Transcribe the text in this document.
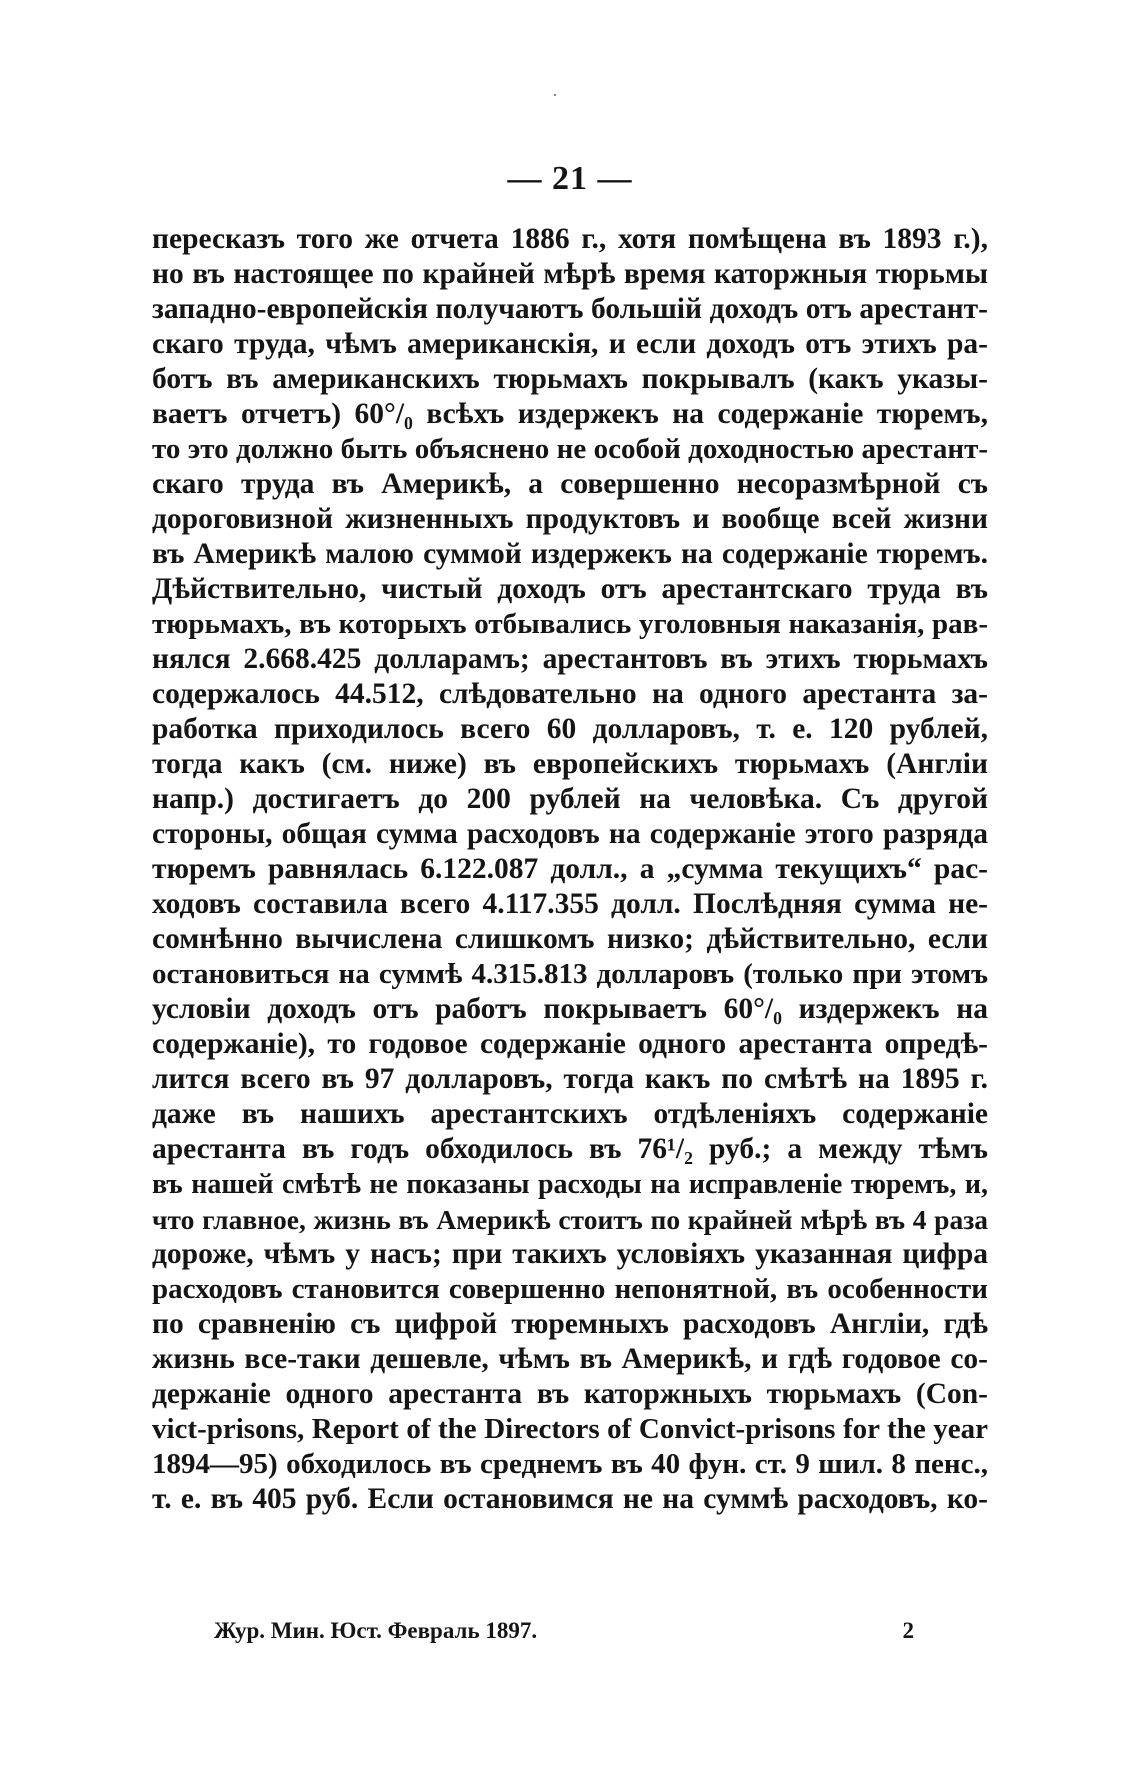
— 21 —
пересказъ того же отчета 1886 г., хотя помѣщена въ 1893 г.),
но въ настоящее по крайней мѣрѣ время каторжныя тюрьмы
западно-европейскія получаютъ большій доходъ отъ арестант-
скаго труда, чѣмъ американскія, и если доходъ отъ этихъ ра-
ботъ въ американскихъ тюрьмахъ покрывалъ (какъ указы-
ваетъ отчетъ) 60°/₀ всѣхъ издержекъ на содержаніе тюремъ,
то это должно быть объяснено не особой доходностью арестант-
скаго труда въ Америкѣ, а совершенно несоразмѣрной съ
дороговизной жизненныхъ продуктовъ и вообще всей жизни
въ Америкѣ малою суммой издержекъ на содержаніе тюремъ.
Дѣйствительно, чистый доходъ отъ арестантскаго труда въ
тюрьмахъ, въ которыхъ отбывались уголовныя наказанія, рав-
нялся 2.668.425 долларамъ; арестантовъ въ этихъ тюрьмахъ
содержалось 44.512, слѣдовательно на одного арестанта за-
работка приходилось всего 60 долларовъ, т. е. 120 рублей,
тогда какъ (см. ниже) въ европейскихъ тюрьмахъ (Англіи
напр.) достигаетъ до 200 рублей на человѣка. Съ другой
стороны, общая сумма расходовъ на содержаніе этого разряда
тюремъ равнялась 6.122.087 долл., а „сумма текущихъ“ рас-
ходовъ составила всего 4.117.355 долл. Послѣдняя сумма не-
сомнѣнно вычислена слишкомъ низко; дѣйствительно, если
остановиться на суммѣ 4.315.813 долларовъ (только при этомъ
условіи доходъ отъ работъ покрываетъ 60°/₀ издержекъ на
содержаніе), то годовое содержаніе одного арестанта опредѣ-
лится всего въ 97 долларовъ, тогда какъ по смѣтѣ на 1895 г.
даже въ нашихъ арестантскихъ отдѣленіяхъ содержаніе
арестанта въ годъ обходилось въ 76¹/₂ руб.; а между тѣмъ
въ нашей смѣтѣ не показаны расходы на исправленіе тюремъ, и,
что главное, жизнь въ Америкѣ стоитъ по крайней мѣрѣ въ 4 раза
дороже, чѣмъ у насъ; при такихъ условіяхъ указанная цифра
расходовъ становится совершенно непонятной, въ особенности
по сравненію съ цифрой тюремныхъ расходовъ Англіи, гдѣ
жизнь все-таки дешевле, чѣмъ въ Америкѣ, и гдѣ годовое со-
держаніе одного арестанта въ каторжныхъ тюрьмахъ (Con-
vict-prisons, Report of the Directors of Convict-prisons for the year
1894—95) обходилось въ среднемъ въ 40 фун. ст. 9 шил. 8 пенс.,
т. е. въ 405 руб. Если остановимся не на суммѣ расходовъ, ко-
Жур. Мин. Юст. Февраль 1897.	2
